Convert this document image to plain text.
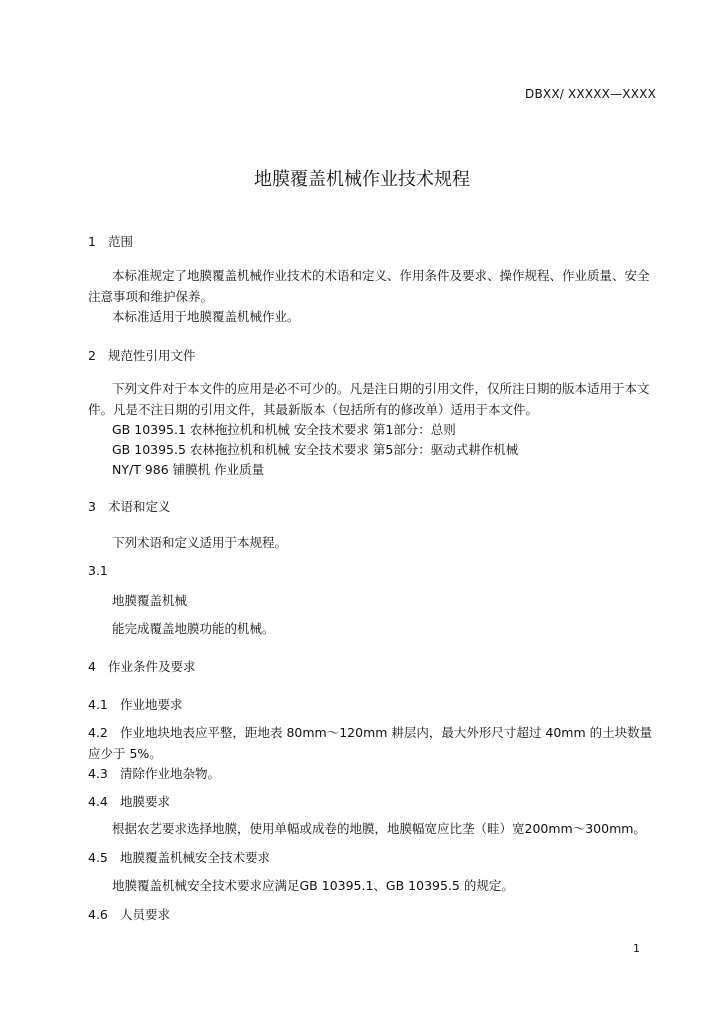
DBXX/ XXXXX—XXXX
地膜覆盖机械作业技术规程
1 范围
本标准规定了地膜覆盖机械作业技术的术语和定义、作用条件及要求、操作规程、作业质量、安全注意事项和维护保养。
本标准适用于地膜覆盖机械作业。
2 规范性引用文件
下列文件对于本文件的应用是必不可少的。凡是注日期的引用文件，仅所注日期的版本适用于本文件。凡是不注日期的引用文件，其最新版本（包括所有的修改单）适用于本文件。
GB 10395.1 农林拖拉机和机械 安全技术要求 第1部分：总则
GB 10395.5 农林拖拉机和机械 安全技术要求 第5部分：驱动式耕作机械
NY/T 986 铺膜机 作业质量
3 术语和定义
下列术语和定义适用于本规程。
3.1
地膜覆盖机械
能完成覆盖地膜功能的机械。
4 作业条件及要求
4.1 作业地要求
4.2 作业地块地表应平整，距地表 80mm～120mm 耕层内，最大外形尺寸超过 40mm 的土块数量应少于 5%。
4.3 清除作业地杂物。
4.4 地膜要求
根据农艺要求选择地膜，使用单幅或成卷的地膜，地膜幅宽应比垄（畦）宽200mm～300mm。
4.5 地膜覆盖机械安全技术要求
地膜覆盖机械安全技术要求应满足GB 10395.1、GB 10395.5 的规定。
4.6 人员要求
1
